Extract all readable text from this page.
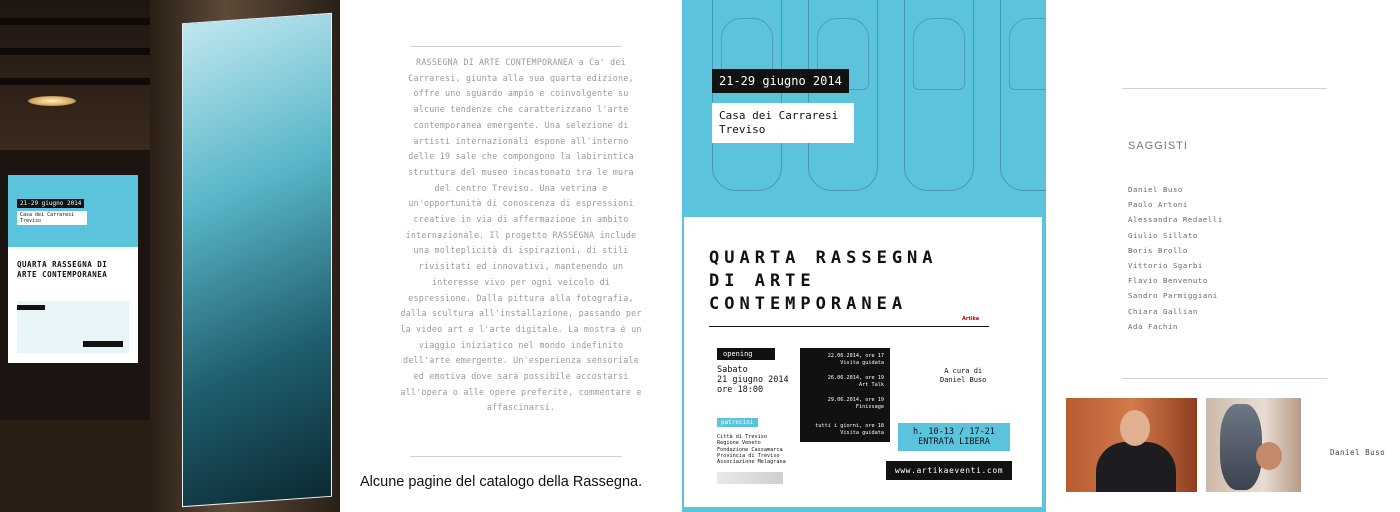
21-29 giugno 2014
Casa dei Carraresi Treviso
QUARTA RASSEGNA DI ARTE CONTEMPORANEA
RASSEGNA DI ARTE CONTEMPORANEA a Ca' dei Carraresi, giunta alla sua quarta edizione, offre uno sguardo ampio e coinvolgente su alcune tendenze che caratterizzano l'arte contemporanea emergente. Una selezione di artisti internazionali espone all'interno delle 19 sale che compongono la labirintica struttura del museo incastonato tra le mura del centro Treviso. Una vetrina e un'opportunità di conoscenza di espressioni creative in via di affermazione in ambito internazionale. Il progetto RASSEGNA include una molteplicità di ispirazioni, di stili rivisitati ed innovativi, mantenendo un interesse vivo per ogni veicolo di espressione. Dalla pittura alla fotografia, dalla scultura all'installazione, passando per la video art e l'arte digitale. La mostra è un viaggio iniziatico nel mondo indefinito dell'arte emergente. Un'esperienza sensoriale ed emotiva dove sarà possibile accostarsi all'opera o alle opere preferite, commentare e affascinarsi.
Alcune pagine del catalogo della Rassegna.
21-29 giugno 2014
Casa dei Carraresi
Treviso
QUARTA RASSEGNA
DI ARTE
CONTEMPORANEA
Artika
opening
Sabato
21 giugno 2014
ore 18:00
22.06.2014, ore 17
Visita guidata
26.06.2014, ore 19
Art Talk
29.06.2014, ore 19
Finissage
tutti i giorni, ore 18
Visita guidata
A cura di
Daniel Buso
patrocini
Città di Treviso
Regione Veneto
Fondazione Cassamarca
Provincia di Treviso
Associazione Melagrana
h. 10-13 / 17-21
ENTRATA LIBERA
www.artikaeventi.com
SAGGISTI
Daniel Buso
Paolo Artoni
Alessandra Redaelli
Giulio Sillato
Boris Brollo
Vittorio Sgarbi
Flavio Benvenuto
Sandro Parmiggiani
Chiara Gallian
Ada Fachin
Daniel Buso
